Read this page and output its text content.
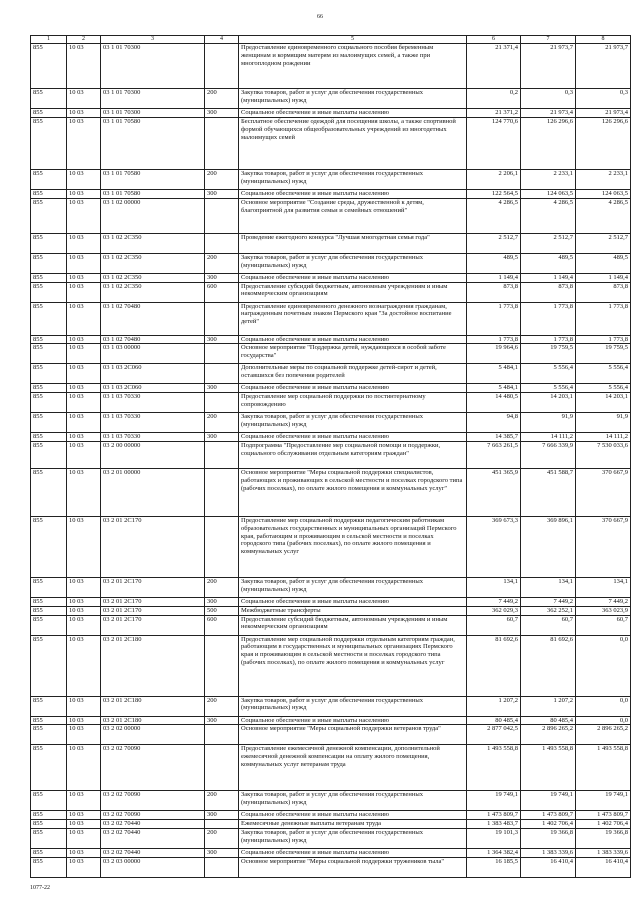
66
1	2	3	4	5	6	7	8
855	10 03	03 1 01 70300		Предоставление единовременного социального пособия беременным женщинам и кормящим матерям из малоимущих семей, а также при многоплодном рождении	21 371,4	21 973,7	21 973,7
855	10 03	03 1 01 70300	200	Закупка товаров, работ и услуг для обеспечения государственных (муниципальных) нужд	0,2	0,3	0,3
855	10 03	03 1 01 70300	300	Социальное обеспечение и иные выплаты населению	21 371,2	21 973,4	21 973,4
855	10 03	03 1 01 70580		Бесплатное обеспечение одеждой для посещения школы, а также спортивной формой обучающихся общеобразовательных учреждений из многодетных малоимущих семей	124 770,6	126 296,6	126 296,6
855	10 03	03 1 01 70580	200	Закупка товаров, работ и услуг для обеспечения государственных (муниципальных) нужд	2 206,1	2 233,1	2 233,1
855	10 03	03 1 01 70580	300	Социальное обеспечение и иные выплаты населению	122 564,5	124 063,5	124 063,5
855	10 03	03 1 02 00000		Основное мероприятие "Создание среды, дружественной к детям, благоприятной для развития семьи и семейных отношений"	4 286,5	4 286,5	4 286,5
855	10 03	03 1 02 2С350		Проведение ежегодного конкурса "Лучшая многодетная семья года"	2 512,7	2 512,7	2 512,7
855	10 03	03 1 02 2С350	200	Закупка товаров, работ и услуг для обеспечения государственных (муниципальных) нужд	489,5	489,5	489,5
855	10 03	03 1 02 2С350	300	Социальное обеспечение и иные выплаты населению	1 149,4	1 149,4	1 149,4
855	10 03	03 1 02 2С350	600	Предоставление субсидий бюджетным, автономным учреждениям и иным некоммерческим организациям	873,8	873,8	873,8
855	10 03	03 1 02 70480		Предоставление единовременного денежного вознаграждения гражданам, награжденным почетным знаком Пермского края "За достойное воспитание детей"	1 773,8	1 773,8	1 773,8
855	10 03	03 1 02 70480	300	Социальное обеспечение и иные выплаты населению	1 773,8	1 773,8	1 773,8
855	10 03	03 1 03 00000		Основное мероприятие "Поддержка детей, нуждающихся в особой заботе государства"	19 964,6	19 759,5	19 759,5
855	10 03	03 1 03 2С060		Дополнительные меры по социальной поддержке детей-сирот и детей, оставшихся без попечения родителей	5 484,1	5 556,4	5 556,4
855	10 03	03 1 03 2С060	300	Социальное обеспечение и иные выплаты населению	5 484,1	5 556,4	5 556,4
855	10 03	03 1 03 70330		Предоставление мер социальной поддержки по постинтернатному сопровождению	14 480,5	14 203,1	14 203,1
855	10 03	03 1 03 70330	200	Закупка товаров, работ и услуг для обеспечения государственных (муниципальных) нужд	94,8	91,9	91,9
855	10 03	03 1 03 70330	300	Социальное обеспечение и иные выплаты населению	14 385,7	14 111,2	14 111,2
855	10 03	03 2 00 00000		Подпрограмма "Предоставление мер социальной помощи и поддержки, социального обслуживания отдельным категориям граждан"	7 663 261,5	7 666 339,9	7 530 033,6
855	10 03	03 2 01 00000		Основное мероприятие "Меры социальной поддержки специалистов, работающих и проживающих в сельской местности и поселках городского типа (рабочих поселках), по оплате жилого помещения и коммунальных услуг"	451 365,9	451 588,7	370 667,9
855	10 03	03 2 01 2С170		Предоставление мер социальной поддержки педагогическим работникам образовательных государственных и муниципальных организаций Пермского края, работающим и проживающим в сельской местности и поселках городского типа (рабочих поселках), по оплате жилого помещения и коммунальных услуг	369 673,3	369 896,1	370 667,9
855	10 03	03 2 01 2С170	200	Закупка товаров, работ и услуг для обеспечения государственных (муниципальных) нужд	134,1	134,1	134,1
855	10 03	03 2 01 2С170	300	Социальное обеспечение и иные выплаты населению	7 449,2	7 449,2	7 449,2
855	10 03	03 2 01 2С170	500	Межбюджетные трансферты	362 029,3	362 252,1	363 023,9
855	10 03	03 2 01 2С170	600	Предоставление субсидий бюджетным, автономным учреждениям и иным некоммерческим организациям	60,7	60,7	60,7
855	10 03	03 2 01 2С180		Предоставление мер социальной поддержки отдельным категориям граждан, работающим в государственных и муниципальных организациях Пермского края и проживающим в сельской местности и поселках городского типа (рабочих поселках), по оплате жилого помещения и коммунальных услуг	81 692,6	81 692,6	0,0
855	10 03	03 2 01 2С180	200	Закупка товаров, работ и услуг для обеспечения государственных (муниципальных) нужд	1 207,2	1 207,2	0,0
855	10 03	03 2 01 2С180	300	Социальное обеспечение и иные выплаты населению	80 485,4	80 485,4	0,0
855	10 03	03 2 02 00000		Основное мероприятие "Меры социальной поддержки ветеранов труда"	2 877 042,5	2 896 265,2	2 896 265,2
855	10 03	03 2 02 70090		Предоставление ежемесячной денежной компенсации, дополнительной ежемесячной денежной компенсации на оплату жилого помещения, коммунальных услуг ветеранам труда	1 493 558,8	1 493 558,8	1 493 558,8
855	10 03	03 2 02 70090	200	Закупка товаров, работ и услуг для обеспечения государственных (муниципальных) нужд	19 749,1	19 749,1	19 749,1
855	10 03	03 2 02 70090	300	Социальное обеспечение и иные выплаты населению	1 473 809,7	1 473 809,7	1 473 809,7
855	10 03	03 2 02 70440		Ежемесячные денежные выплаты ветеранам труда	1 383 483,7	1 402 706,4	1 402 706,4
855	10 03	03 2 02 70440	200	Закупка товаров, работ и услуг для обеспечения государственных (муниципальных) нужд	19 101,3	19 366,8	19 366,8
855	10 03	03 2 02 70440	300	Социальное обеспечение и иные выплаты населению	1 364 382,4	1 383 339,6	1 383 339,6
855	10 03	03 2 03 00000		Основное мероприятие "Меры социальной поддержки тружеников тыла"	16 185,5	16 410,4	16 410,4
1077-22
